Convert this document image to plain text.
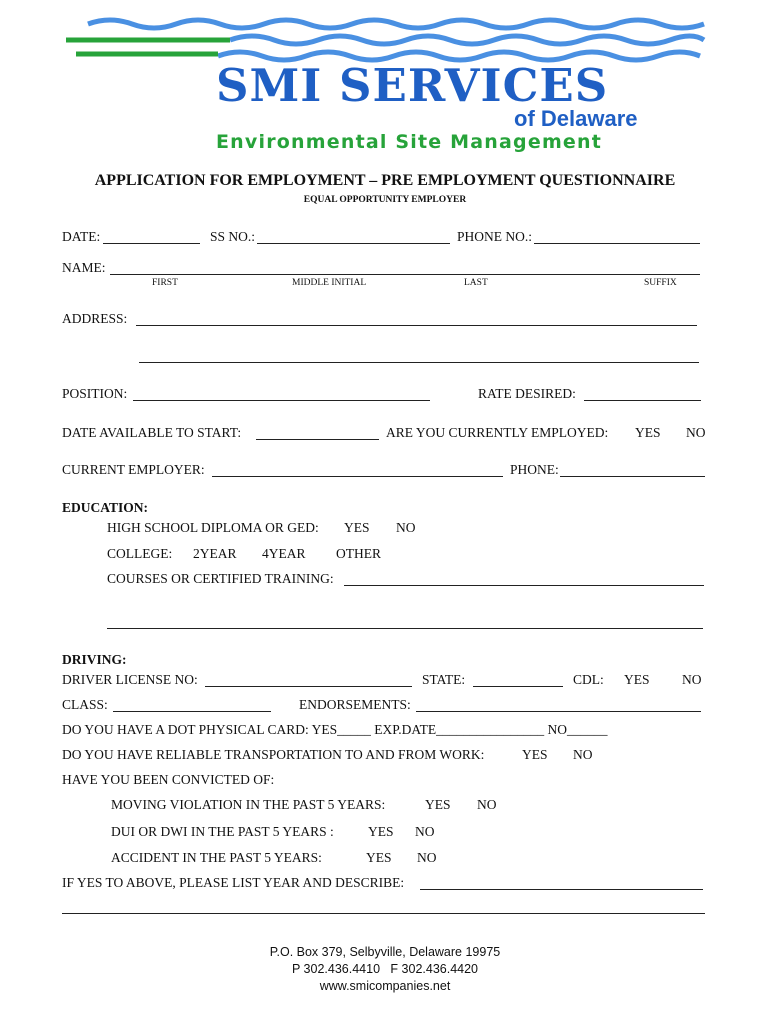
SMI SERVICES
of Delaware
Environmental Site Management
APPLICATION FOR EMPLOYMENT – PRE EMPLOYMENT QUESTIONNAIRE
EQUAL OPPORTUNITY EMPLOYER
DATE:	SS NO.:	PHONE NO.:
NAME:
FIRST	MIDDLE INITIAL	LAST	SUFFIX
ADDRESS:
POSITION:	RATE DESIRED:
DATE AVAILABLE TO START:	ARE YOU CURRENTLY EMPLOYED: YES NO
CURRENT EMPLOYER:	PHONE:
EDUCATION:
HIGH SCHOOL DIPLOMA OR GED: YES NO
COLLEGE: 2YEAR 4YEAR OTHER
COURSES OR CERTIFIED TRAINING:
DRIVING:
DRIVER LICENSE NO:	STATE:	CDL: YES NO
CLASS:	ENDORSEMENTS:
DO YOU HAVE A DOT PHYSICAL CARD: YES_____ EXP.DATE________________ NO______
DO YOU HAVE RELIABLE TRANSPORTATION TO AND FROM WORK:	YES NO
HAVE YOU BEEN CONVICTED OF:
MOVING VIOLATION IN THE PAST 5 YEARS:	YES NO
DUI OR DWI IN THE PAST 5 YEARS :	YES NO
ACCIDENT IN THE PAST 5 YEARS:	YES NO
IF YES TO ABOVE, PLEASE LIST YEAR AND DESCRIBE:
P.O. Box 379, Selbyville, Delaware 19975
P 302.436.4410   F 302.436.4420
www.smicompanies.net
